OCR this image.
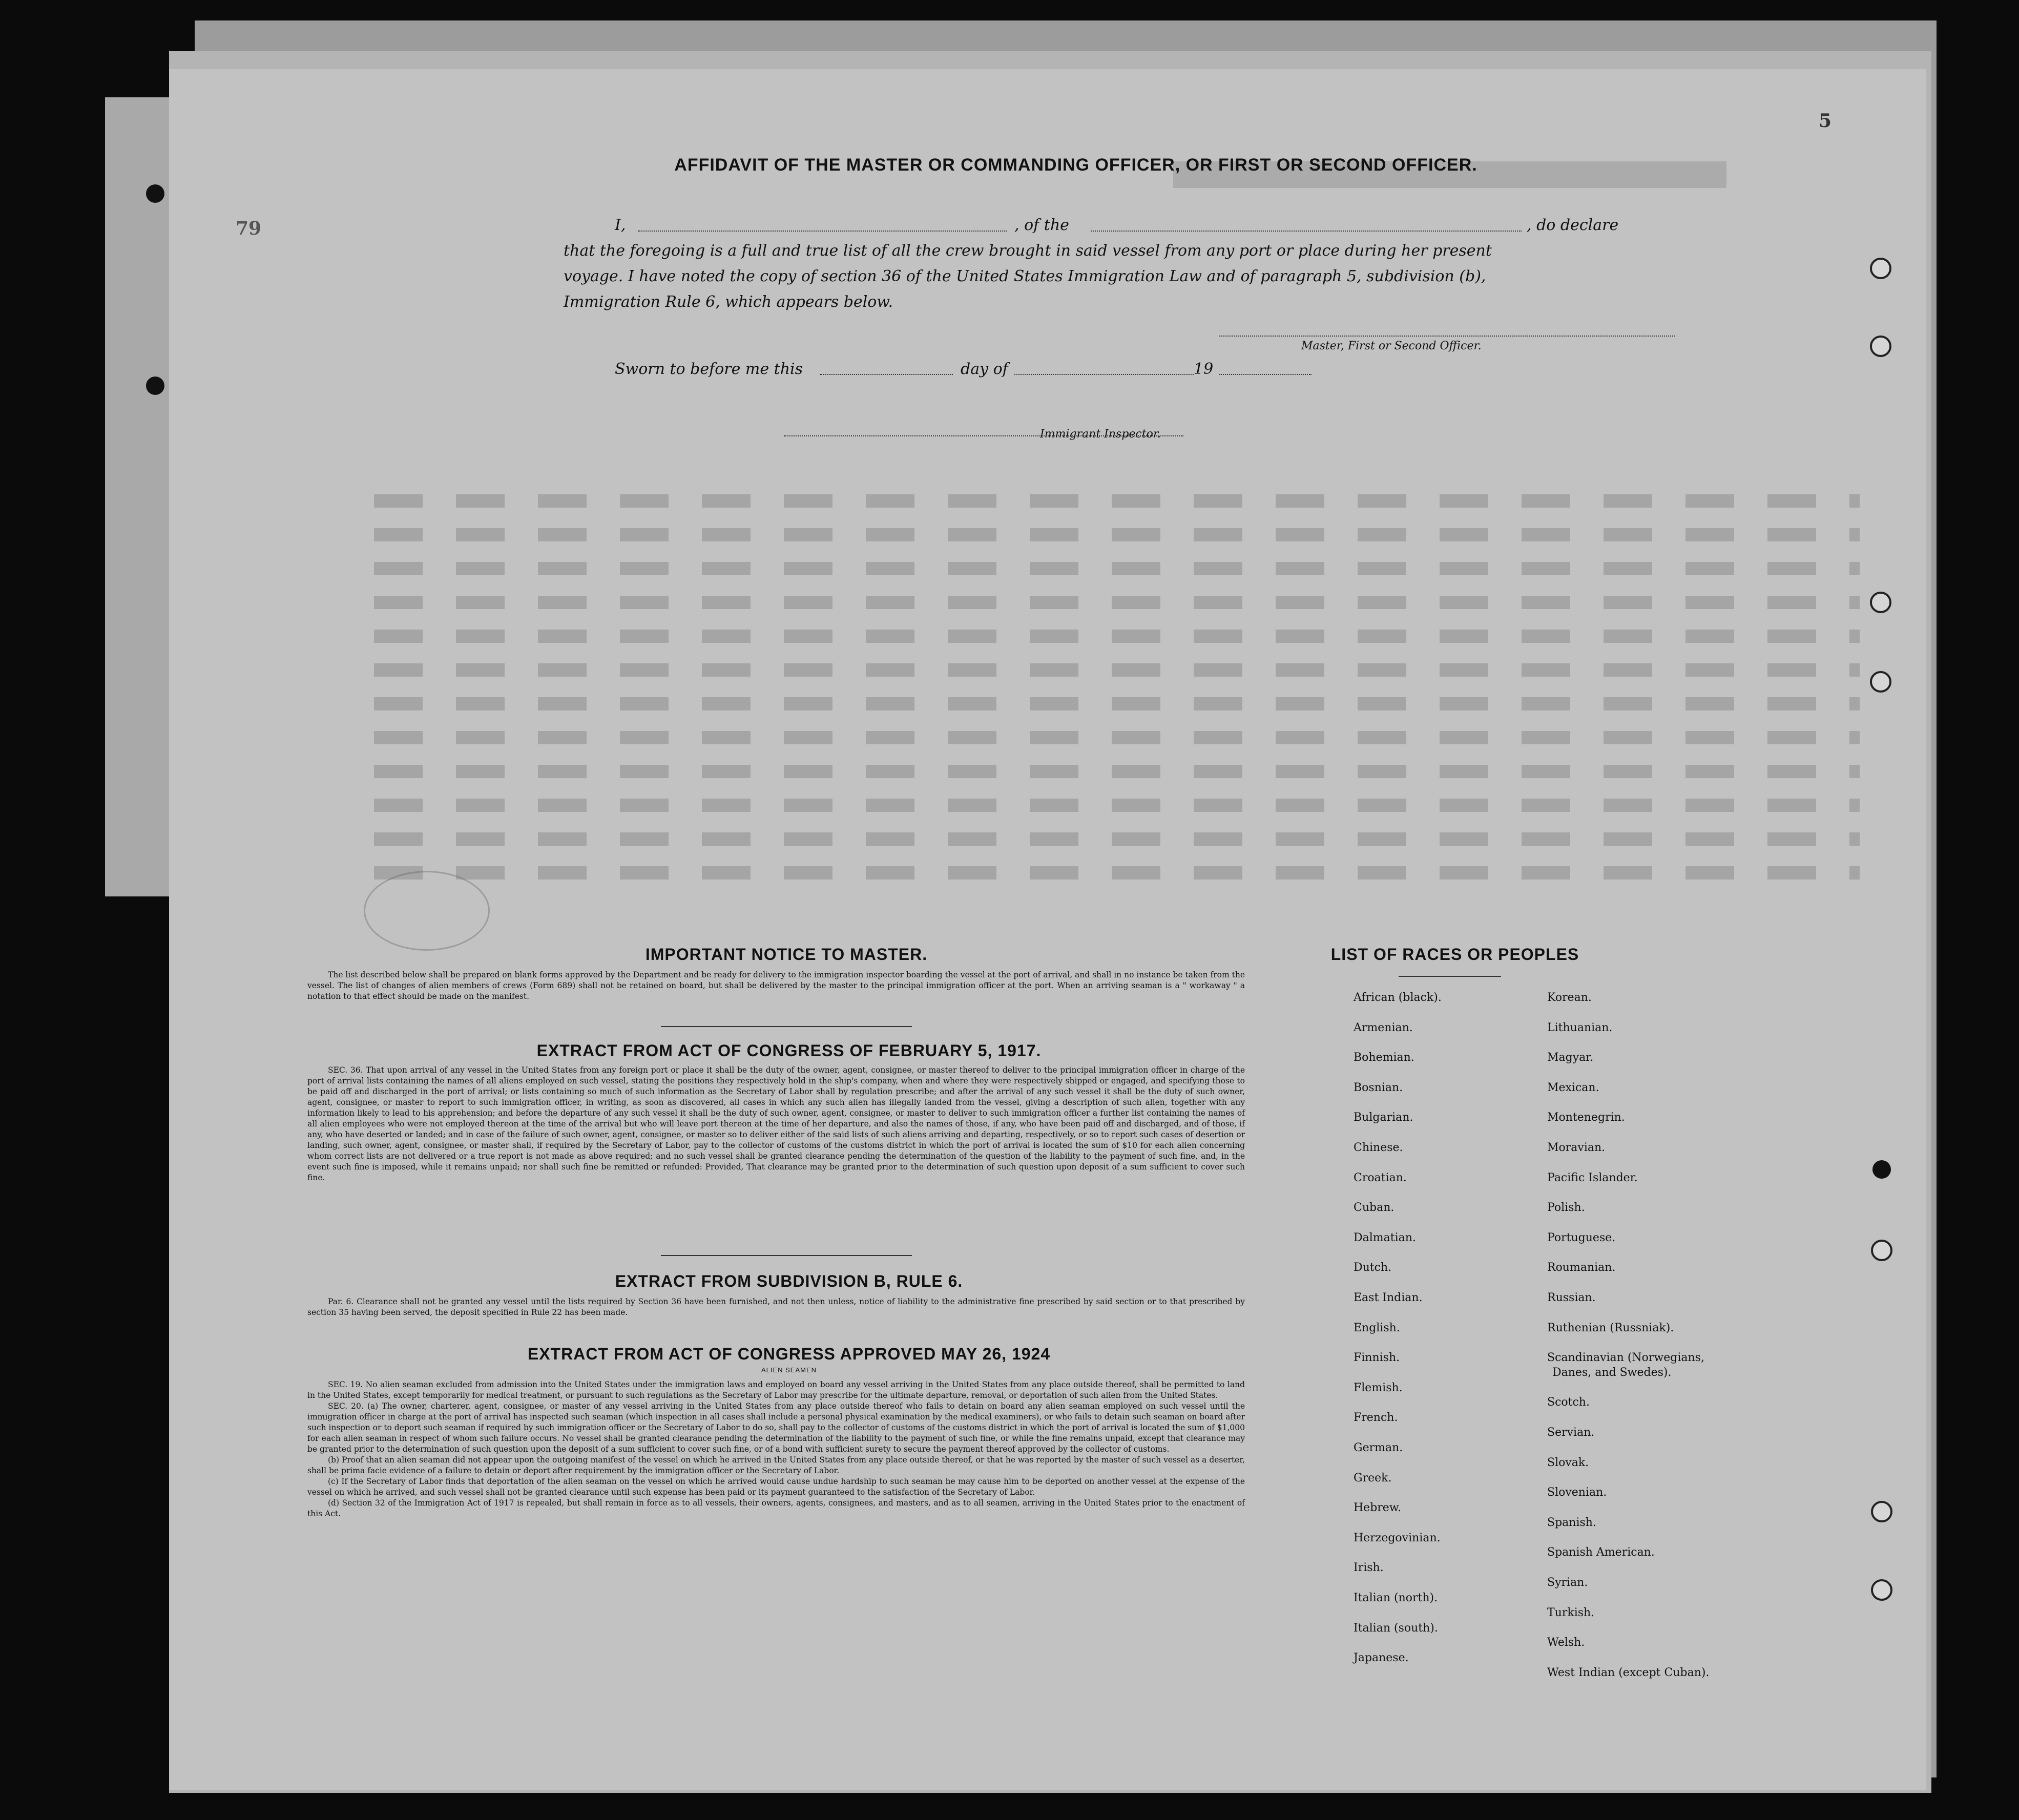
79
5
AFFIDAVIT OF THE MASTER OR COMMANDING OFFICER, OR FIRST OR SECOND OFFICER.
I,	, of the	, do declare
that the foregoing is a full and true list of all the crew brought in said vessel from any port or place during her present
voyage. I have noted the copy of section 36 of the United States Immigration Law and of paragraph 5, subdivision (b),
Immigration Rule 6, which appears below.
Master, First or Second Officer.
Sworn to before me this	day of	19
Immigrant Inspector.
IMPORTANT NOTICE TO MASTER.

The list described below shall be prepared on blank forms approved by the Department and be ready for delivery to the immigration inspector boarding the vessel at the port of arrival, and shall in no instance be taken from the vessel. The list of changes of alien members of crews (Form 689) shall not be retained on board, but shall be delivered by the master to the principal immigration officer at the port. When an arriving seaman is a " workaway " a notation to that effect should be made on the manifest.

EXTRACT FROM ACT OF CONGRESS OF FEBRUARY 5, 1917.

SEC. 36. That upon arrival of any vessel in the United States from any foreign port or place it shall be the duty of the owner, agent, consignee, or master thereof to deliver to the principal immigration officer in charge of the port of arrival lists containing the names of all aliens employed on such vessel, stating the positions they respectively hold in the ship's company, when and where they were respectively shipped or engaged, and specifying those to be paid off and discharged in the port of arrival; or lists containing so much of such information as the Secretary of Labor shall by regulation prescribe; and after the arrival of any such vessel it shall be the duty of such owner, agent, consignee, or master to report to such immigration officer, in writing, as soon as discovered, all cases in which any such alien has illegally landed from the vessel, giving a description of such alien, together with any information likely to lead to his apprehension; and before the departure of any such vessel it shall be the duty of such owner, agent, consignee, or master to deliver to such immigration officer a further list containing the names of all alien employees who were not employed thereon at the time of the arrival but who will leave port thereon at the time of her departure, and also the names of those, if any, who have been paid off and discharged, and of those, if any, who have deserted or landed; and in case of the failure of such owner, agent, consignee, or master so to deliver either of the said lists of such aliens arriving and departing, respectively, or so to report such cases of desertion or landing, such owner, agent, consignee, or master shall, if required by the Secretary of Labor, pay to the collector of customs of the customs district in which the port of arrival is located the sum of $10 for each alien concerning whom correct lists are not delivered or a true report is not made as above required; and no such vessel shall be granted clearance pending the determination of the question of the liability to the payment of such fine, and, in the event such fine is imposed, while it remains unpaid; nor shall such fine be remitted or refunded: Provided, That clearance may be granted prior to the determination of such question upon deposit of a sum sufficient to cover such fine.

EXTRACT FROM SUBDIVISION B, RULE 6.

Par. 6. Clearance shall not be granted any vessel until the lists required by Section 36 have been furnished, and not then unless, notice of liability to the administrative fine prescribed by said section or to that prescribed by section 35 having been served, the deposit specified in Rule 22 has been made.

EXTRACT FROM ACT OF CONGRESS APPROVED MAY 26, 1924
ALIEN SEAMEN

SEC. 19. No alien seaman excluded from admission into the United States under the immigration laws and employed on board any vessel arriving in the United States from any place outside thereof, shall be permitted to land in the United States, except temporarily for medical treatment, or pursuant to such regulations as the Secretary of Labor may prescribe for the ultimate departure, removal, or deportation of such alien from the United States.

SEC. 20. (a) The owner, charterer, agent, consignee, or master of any vessel arriving in the United States from any place outside thereof who fails to detain on board any alien seaman employed on such vessel until the immigration officer in charge at the port of arrival has inspected such seaman (which inspection in all cases shall include a personal physical examination by the medical examiners), or who fails to detain such seaman on board after such inspection or to deport such seaman if required by such immigration officer or the Secretary of Labor to do so, shall pay to the collector of customs of the customs district in which the port of arrival is located the sum of $1,000 for each alien seaman in respect of whom such failure occurs. No vessel shall be granted clearance pending the determination of the liability to the payment of such fine, or while the fine remains unpaid, except that clearance may be granted prior to the determination of such question upon the deposit of a sum sufficient to cover such fine, or of a bond with sufficient surety to secure the payment thereof approved by the collector of customs.

(b) Proof that an alien seaman did not appear upon the outgoing manifest of the vessel on which he arrived in the United States from any place outside thereof, or that he was reported by the master of such vessel as a deserter, shall be prima facie evidence of a failure to detain or deport after requirement by the immigration officer or the Secretary of Labor.

(c) If the Secretary of Labor finds that deportation of the alien seaman on the vessel on which he arrived would cause undue hardship to such seaman he may cause him to be deported on another vessel at the expense of the vessel on which he arrived, and such vessel shall not be granted clearance until such expense has been paid or its payment guaranteed to the satisfaction of the Secretary of Labor.

(d) Section 32 of the Immigration Act of 1917 is repealed, but shall remain in force as to all vessels, their owners, agents, consignees, and masters, and as to all seamen, arriving in the United States prior to the enactment of this Act.

LIST OF RACES OR PEOPLES
African (black).
Armenian.
Bohemian.
Bosnian.
Bulgarian.
Chinese.
Croatian.
Cuban.
Dalmatian.
Dutch.
East Indian.
English.
Finnish.
Flemish.
French.
German.
Greek.
Hebrew.
Herzegovinian.
Irish.
Italian (north).
Italian (south).
Japanese.
Korean.
Lithuanian.
Magyar.
Mexican.
Montenegrin.
Moravian.
Pacific Islander.
Polish.
Portuguese.
Roumanian.
Russian.
Ruthenian (Russniak).
Scandinavian (Norwegians,
Danes, and Swedes).
Scotch.
Servian.
Slovak.
Slovenian.
Spanish.
Spanish American.
Syrian.
Turkish.
Welsh.
West Indian (except Cuban).
